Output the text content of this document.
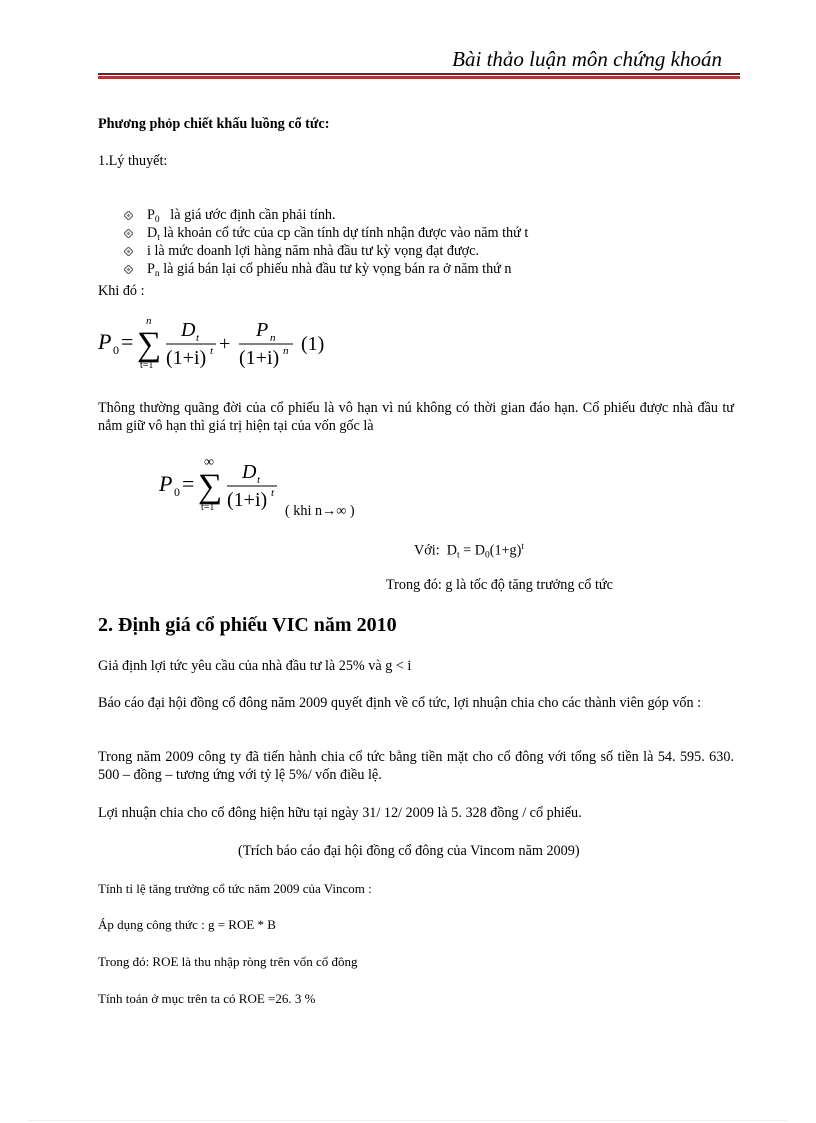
Bài thảo luận môn chứng khoán
Phương phỏp chiết khấu luồng cổ tức:
1.Lý thuyết:
$P_0$ là giá ước định cần phải tính.
$D_t$ là khoản cổ tức của cp cần tính dự tính nhận được vào năm thứ t
i là mức doanh lợi hàng năm nhà đầu tư kỳ vọng đạt được.
$P_n$ là giá bán lại cổ phiếu nhà đầu tư kỳ vọng bán ra ở năm thứ n
Khi đó :
P 0 =
n
∑
t=1
D t
(1+i) t +
P n
(1+i) n (1)
Thông thường quãng đời của cổ phiếu là vô hạn vì nú không có thời gian đáo hạn. Cổ phiếu được nhà đầu tư nắm giữ vô hạn thì giá trị hiện tại của vốn gốc là
P 0 =
∞
∑
t=1
D t
(1+i) t
( khi n→∞ )
Với: $D_t = D_0(1+g)^t$
Trong đó: g là tốc độ tăng trưởng cổ tức
2. Định giá cổ phiếu VIC năm 2010
Giả định lợi tức yêu cầu của nhà đầu tư là 25% và g < i
Báo cáo đại hội đồng cổ đông năm 2009 quyết định về cổ tức, lợi nhuận chia cho các thành viên góp vốn :
Trong năm 2009 công ty đã tiến hành chia cổ tức bằng tiền mặt cho cổ đông với tổng số tiền là 54. 595. 630. 500 – đồng – tương ứng với tỷ lệ 5%/ vốn điều lệ.
Lợi nhuận chia cho cổ đông hiện hữu tại ngày 31/ 12/ 2009 là 5. 328 đồng / cổ phiếu.
(Trích báo cáo đại hội đồng cổ đông của Vincom năm 2009)
Tính tỉ lệ tăng trưởng cổ tức năm 2009 của Vincom :
Áp dụng công thức : g = ROE * B
Trong đó: ROE là thu nhập ròng trên vốn cổ đông
Tính toán ở mục trên ta có ROE =26. 3 %
